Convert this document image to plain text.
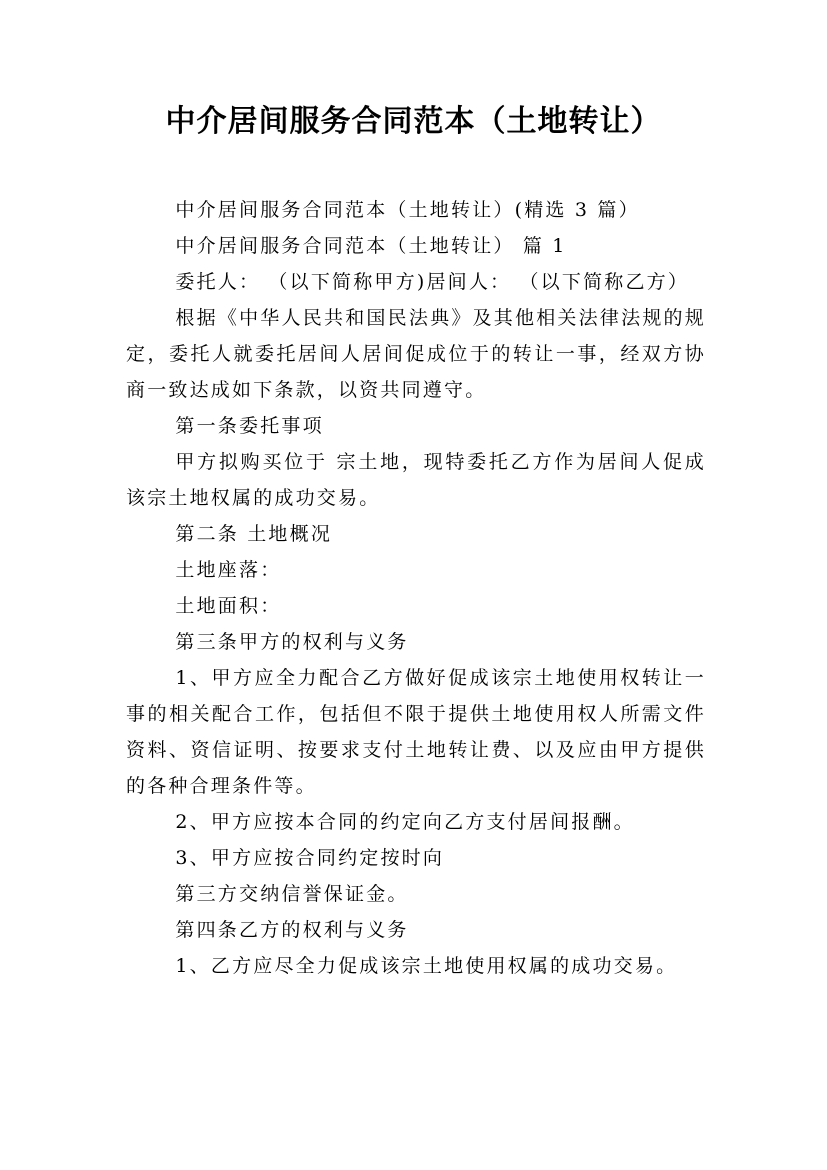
中介居间服务合同范本（土地转让）

中介居间服务合同范本（土地转让）(精选 3 篇）

中介居间服务合同范本（土地转让） 篇 1

委托人： （以下简称甲方)居间人： （以下简称乙方）

根据《中华人民共和国民法典》及其他相关法律法规的规定，委托人就委托居间人居间促成位于的转让一事，经双方协商一致达成如下条款，以资共同遵守。

第一条委托事项

甲方拟购买位于 宗土地，现特委托乙方作为居间人促成该宗土地权属的成功交易。

第二条 土地概况

土地座落：

土地面积：

第三条甲方的权利与义务

1、甲方应全力配合乙方做好促成该宗土地使用权转让一事的相关配合工作，包括但不限于提供土地使用权人所需文件资料、资信证明、按要求支付土地转让费、以及应由甲方提供的各种合理条件等。

2、甲方应按本合同的约定向乙方支付居间报酬。

3、甲方应按合同约定按时向

第三方交纳信誉保证金。

第四条乙方的权利与义务

1、乙方应尽全力促成该宗土地使用权属的成功交易。
